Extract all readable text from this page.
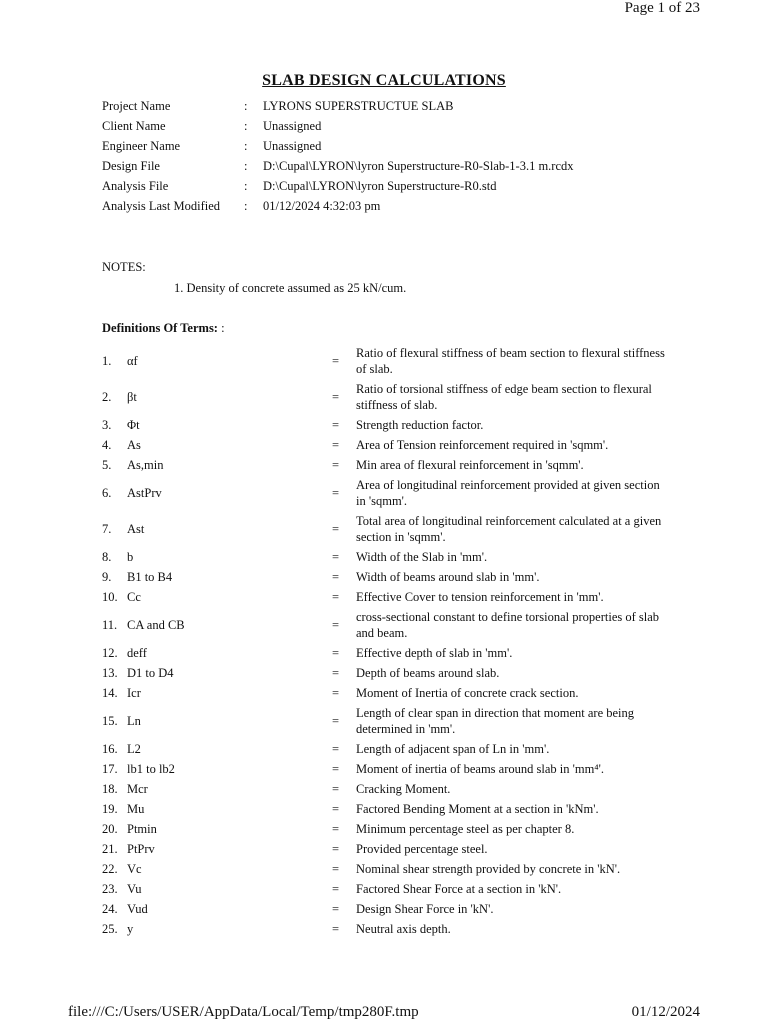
Page 1 of 23
SLAB DESIGN CALCULATIONS
Project Name	: LYRONS SUPERSTRUCTUE SLAB
Client Name	: Unassigned
Engineer Name	: Unassigned
Design File	: D:\Cupal\LYRON\lyron Superstructure-R0-Slab-1-3.1 m.rcdx
Analysis File	: D:\Cupal\LYRON\lyron Superstructure-R0.std
Analysis Last Modified : 01/12/2024 4:32:03 pm
NOTES:
1. Density of concrete assumed as 25 kN/cum.
Definitions Of Terms: :
1. αf	=
Ratio of flexural stiffness of beam section to flexural stiffness of slab.
2. βt	=
Ratio of torsional stiffness of edge beam section to flexural stiffness of slab.
3. Φt	= Strength reduction factor.
4. As	= Area of Tension reinforcement required in 'sqmm'.
5. As,min	= Min area of flexural reinforcement in 'sqmm'.
6. AstPrv	=
Area of longitudinal reinforcement provided at given section in 'sqmm'.
7. Ast	=
Total area of longitudinal reinforcement calculated at a given section in 'sqmm'.
8. b	= Width of the Slab in 'mm'.
9. B1 to B4	= Width of beams around slab in 'mm'.
10. Cc	= Effective Cover to tension reinforcement in 'mm'.
11. CA and CB	=
cross-sectional constant to define torsional properties of slab and beam.
12. deff	= Effective depth of slab in 'mm'.
13. D1 to D4	= Depth of beams around slab.
14. Icr	= Moment of Inertia of concrete crack section.
15. Ln	=
Length of clear span in direction that moment are being determined in 'mm'.
16. L2	= Length of adjacent span of Ln in 'mm'.
17. lb1 to lb2	= Moment of inertia of beams around slab in 'mm⁴'.
18. Mcr	= Cracking Moment.
19. Mu	= Factored Bending Moment at a section in 'kNm'.
20. Ptmin	= Minimum percentage steel as per chapter 8.
21. PtPrv	= Provided percentage steel.
22. Vc	= Nominal shear strength provided by concrete in 'kN'.
23. Vu	= Factored Shear Force at a section in 'kN'.
24. Vud	= Design Shear Force in 'kN'.
25. y	= Neutral axis depth.
file:///C:/Users/USER/AppData/Local/Temp/tmp280F.tmp	01/12/2024
